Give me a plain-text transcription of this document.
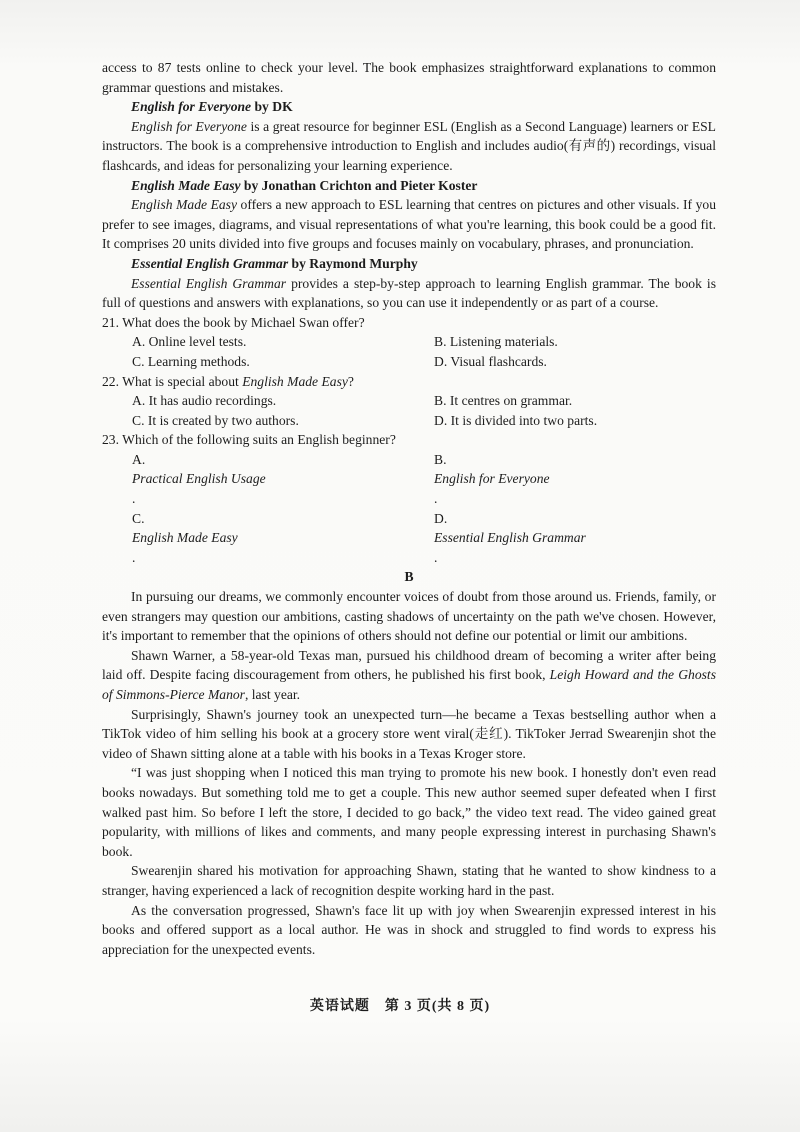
access to 87 tests online to check your level. The book emphasizes straightforward explanations to common grammar questions and mistakes.

English for Everyone by DK

English for Everyone is a great resource for beginner ESL (English as a Second Language) learners or ESL instructors. The book is a comprehensive introduction to English and includes audio(有声的) recordings, visual flashcards, and ideas for personalizing your learning experience.

English Made Easy by Jonathan Crichton and Pieter Koster

English Made Easy offers a new approach to ESL learning that centres on pictures and other visuals. If you prefer to see images, diagrams, and visual representations of what you're learning, this book could be a good fit. It comprises 20 units divided into five groups and focuses mainly on vocabulary, phrases, and pronunciation.

Essential English Grammar by Raymond Murphy

Essential English Grammar provides a step-by-step approach to learning English grammar. The book is full of questions and answers with explanations, so you can use it independently or as part of a course.

21. What does the book by Michael Swan offer?

A. Online level tests.	B. Listening materials.
C. Learning methods.	D. Visual flashcards.

22. What is special about English Made Easy?

A. It has audio recordings.	B. It centres on grammar.
C. It is created by two authors.	D. It is divided into two parts.

23. Which of the following suits an English beginner?

A.
Practical English Usage
.
B.
English for Everyone
.
C.
English Made Easy
.
D.
Essential English Grammar
.

B

In pursuing our dreams, we commonly encounter voices of doubt from those around us. Friends, family, or even strangers may question our ambitions, casting shadows of uncertainty on the path we've chosen. However, it's important to remember that the opinions of others should not define our potential or limit our ambitions.

Shawn Warner, a 58-year-old Texas man, pursued his childhood dream of becoming a writer after being laid off. Despite facing discouragement from others, he published his first book, Leigh Howard and the Ghosts of Simmons-Pierce Manor, last year.

Surprisingly, Shawn's journey took an unexpected turn—he became a Texas bestselling author when a TikTok video of him selling his book at a grocery store went viral(走红). TikToker Jerrad Swearenjin shot the video of Shawn sitting alone at a table with his books in a Texas Kroger store.

“I was just shopping when I noticed this man trying to promote his new book. I honestly don't even read books nowadays. But something told me to get a couple. This new author seemed super defeated when I first walked past him. So before I left the store, I decided to go back,” the video text read. The video gained great popularity, with millions of likes and comments, and many people expressing interest in purchasing Shawn's book.

Swearenjin shared his motivation for approaching Shawn, stating that he wanted to show kindness to a stranger, having experienced a lack of recognition despite working hard in the past.

As the conversation progressed, Shawn's face lit up with joy when Swearenjin expressed interest in his books and offered support as a local author. He was in shock and struggled to find words to express his appreciation for the unexpected events.

英语试题　第 3 页(共 8 页)
